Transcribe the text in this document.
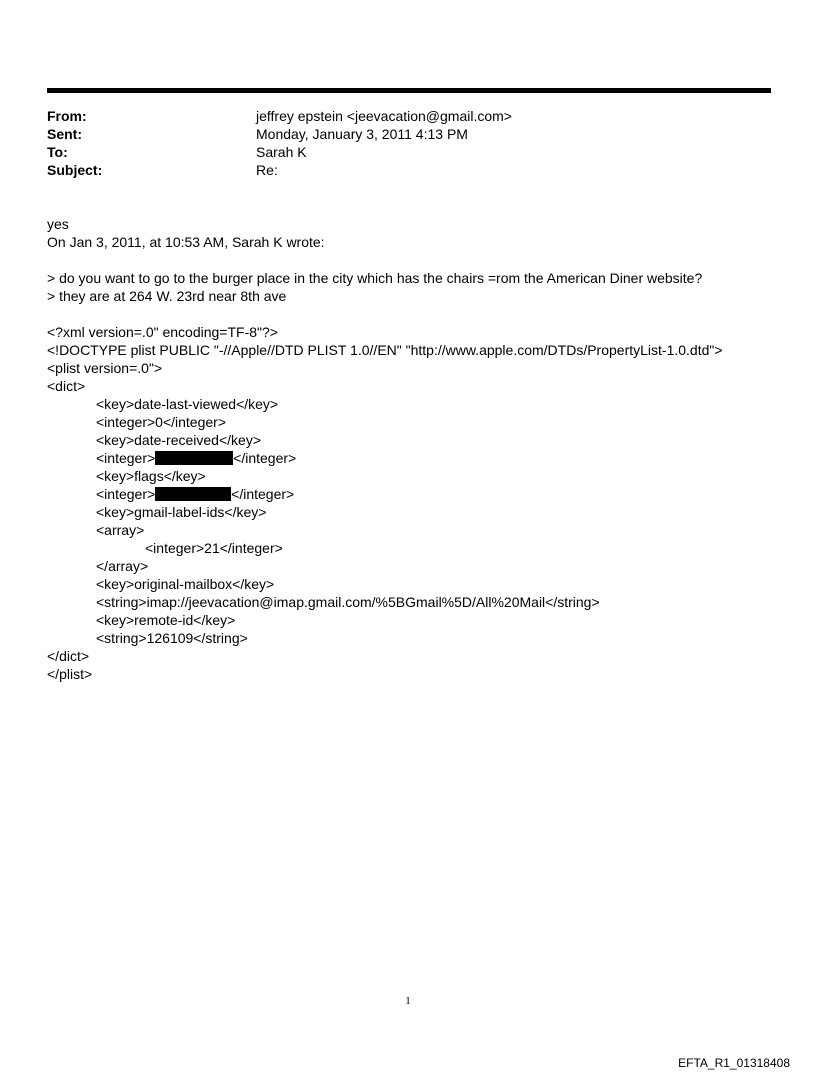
From:	jeffrey epstein <jeevacation@gmail.com>
Sent:	Monday, January 3, 2011 4:13 PM
To:	Sarah K
Subject:	Re:
yes
On Jan 3, 2011, at 10:53 AM, Sarah K wrote:
> do you want to go to the burger place in the city which has the chairs =rom the American Diner website?
> they are at 264 W. 23rd near 8th ave
<?xml version=.0" encoding=TF-8"?>
<!DOCTYPE plist PUBLIC "-//Apple//DTD PLIST 1.0//EN" "http://www.apple.com/DTDs/PropertyList-1.0.dtd">
<plist version=.0">
<dict>
<key>date-last-viewed</key>
<integer>0</integer>
<key>date-received</key>
<integer>	</integer>
<key>flags</key>
<integer>	</integer>
<key>gmail-label-ids</key>
<array>
<integer>21</integer>
</array>
<key>original-mailbox</key>
<string>imap://jeevacation@imap.gmail.com/%5BGmail%5D/All%20Mail</string>
<key>remote-id</key>
<string>126109</string>
</dict>
</plist>
1
EFTA_R1_01318408
